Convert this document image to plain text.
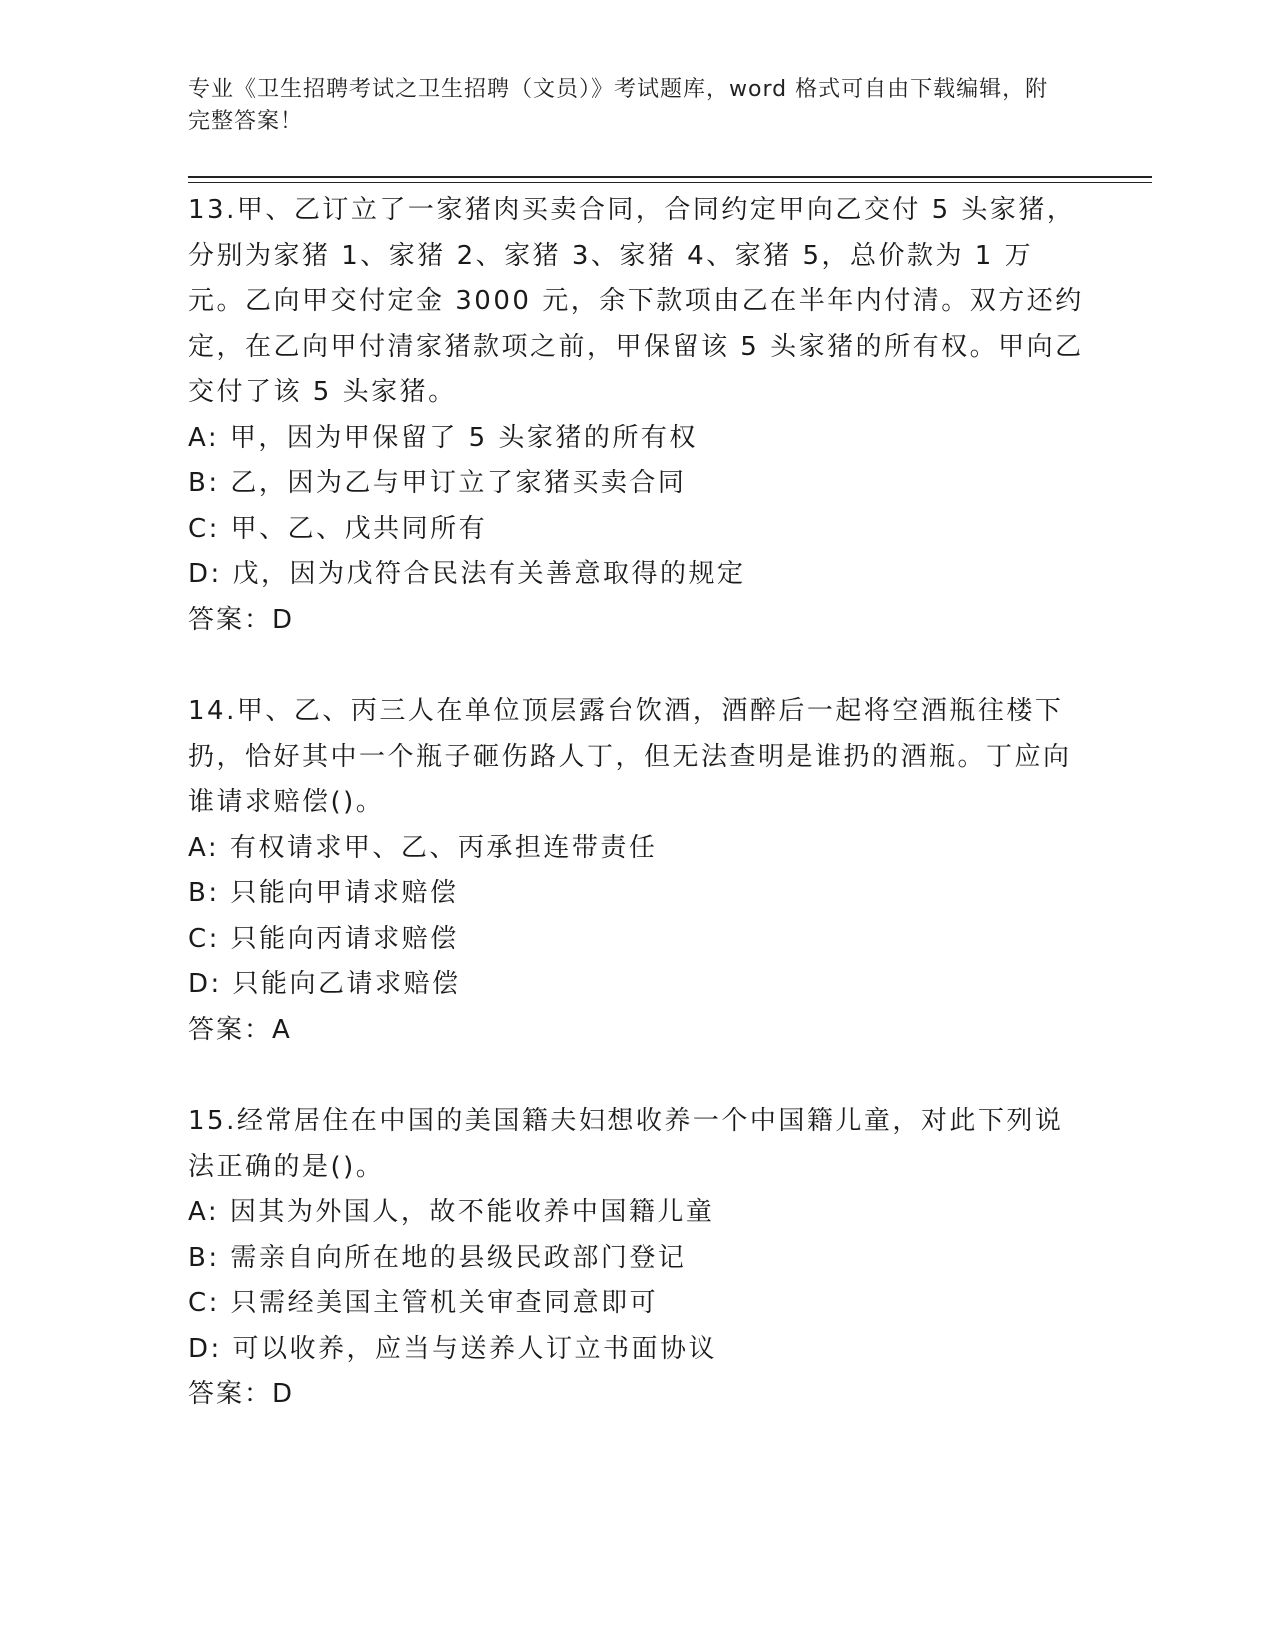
专业《卫生招聘考试之卫生招聘（文员）》考试题库，word 格式可自由下载编辑，附完整答案！

13.甲、乙订立了一家猪肉买卖合同，合同约定甲向乙交付 5 头家猪，分别为家猪 1、家猪 2、家猪 3、家猪 4、家猪 5，总价款为 1 万元。乙向甲交付定金 3000 元，余下款项由乙在半年内付清。双方还约定，在乙向甲付清家猪款项之前，甲保留该 5 头家猪的所有权。甲向乙交付了该 5 头家猪。

A: 甲，因为甲保留了 5 头家猪的所有权

B: 乙，因为乙与甲订立了家猪买卖合同

C: 甲、乙、戊共同所有

D: 戊，因为戊符合民法有关善意取得的规定

答案：D

14.甲、乙、丙三人在单位顶层露台饮酒，酒醉后一起将空酒瓶往楼下扔，恰好其中一个瓶子砸伤路人丁，但无法查明是谁扔的酒瓶。丁应向谁请求赔偿()。

A: 有权请求甲、乙、丙承担连带责任

B: 只能向甲请求赔偿

C: 只能向丙请求赔偿

D: 只能向乙请求赔偿

答案：A

15.经常居住在中国的美国籍夫妇想收养一个中国籍儿童，对此下列说法正确的是()。

A: 因其为外国人，故不能收养中国籍儿童

B: 需亲自向所在地的县级民政部门登记

C: 只需经美国主管机关审查同意即可

D: 可以收养，应当与送养人订立书面协议

答案：D
